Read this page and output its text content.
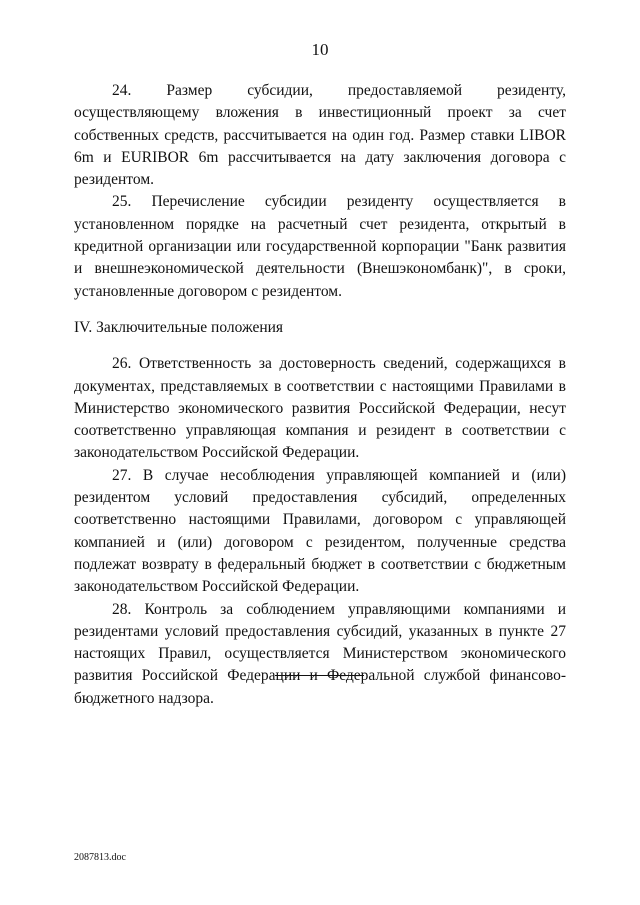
10

24. Размер субсидии, предоставляемой резиденту, осуществляющему вложения в инвестиционный проект за счет собственных средств, рассчитывается на один год. Размер ставки LIBOR 6m и EURIBOR 6m рассчитывается на дату заключения договора с резидентом.

25. Перечисление субсидии резиденту осуществляется в установленном порядке на расчетный счет резидента, открытый в кредитной организации или государственной корпорации "Банк развития и внешнеэкономической деятельности (Внешэкономбанк)", в сроки, установленные договором с резидентом.

IV. Заключительные положения

26. Ответственность за достоверность сведений, содержащихся в документах, представляемых в соответствии с настоящими Правилами в Министерство экономического развития Российской Федерации, несут соответственно управляющая компания и резидент в соответствии с законодательством Российской Федерации.

27. В случае несоблюдения управляющей компанией и (или) резидентом условий предоставления субсидий, определенных соответственно настоящими Правилами, договором с управляющей компанией и (или) договором с резидентом, полученные средства подлежат возврату в федеральный бюджет в соответствии с бюджетным законодательством Российской Федерации.

28. Контроль за соблюдением управляющими компаниями и резидентами условий предоставления субсидий, указанных в пункте 27 настоящих Правил, осуществляется Министерством экономического развития Российской Федерации и Федеральной службой финансово-бюджетного надзора.

2087813.doc
